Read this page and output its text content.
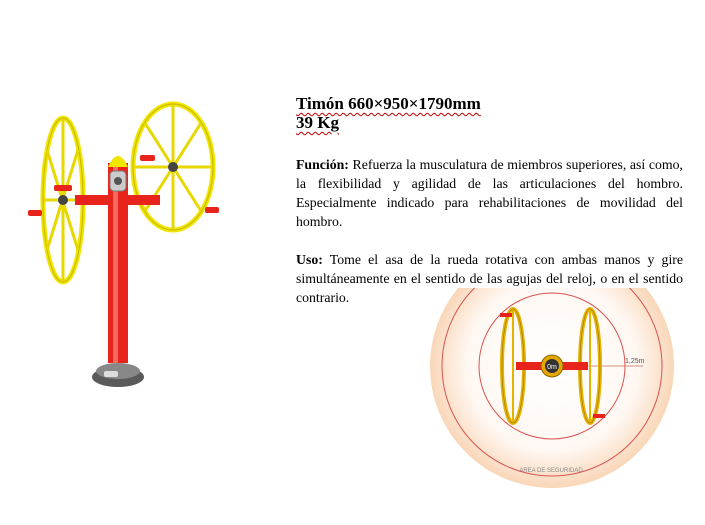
Timón 660×950×1790mm

39 Kg

Función: Refuerza la musculatura de miembros superiores, así como, la flexibilidad y agilidad de las articulaciones del hombro. Especialmente indicado para rehabilitaciones de movilidad del hombro.

Uso: Tome el asa de la rueda rotativa con ambas manos y gire simultáneamente en el sentido de las agujas del reloj, o en el sentido contrario.

0m
1,25m
AREA DE SEGURIDAD
